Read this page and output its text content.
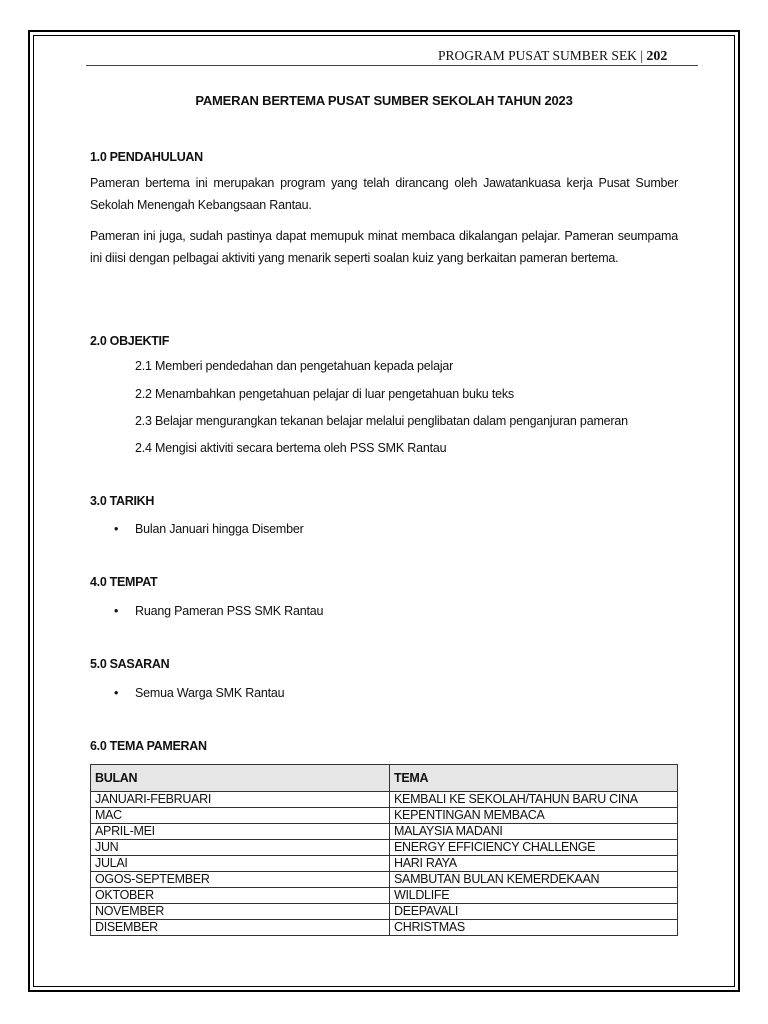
PROGRAM PUSAT SUMBER SEK | 202
PAMERAN BERTEMA PUSAT SUMBER SEKOLAH TAHUN 2023
1.0 PENDAHULUAN
Pameran bertema ini merupakan program yang telah dirancang oleh Jawatankuasa kerja Pusat Sumber Sekolah Menengah Kebangsaan Rantau.
Pameran ini juga, sudah pastinya dapat memupuk minat membaca dikalangan pelajar. Pameran seumpama ini diisi dengan pelbagai aktiviti yang menarik seperti soalan kuiz yang berkaitan pameran bertema.
2.0 OBJEKTIF
2.1 Memberi pendedahan dan pengetahuan kepada pelajar
2.2 Menambahkan pengetahuan pelajar di luar pengetahuan buku teks
2.3 Belajar mengurangkan tekanan belajar melalui penglibatan dalam penganjuran pameran
2.4 Mengisi aktiviti secara bertema oleh PSS SMK Rantau
3.0 TARIKH
• Bulan Januari hingga Disember
4.0 TEMPAT
• Ruang Pameran PSS SMK Rantau
5.0 SASARAN
• Semua Warga SMK Rantau
6.0 TEMA PAMERAN
BULAN	TEMA
JANUARI-FEBRUARI	KEMBALI KE SEKOLAH/TAHUN BARU CINA
MAC	KEPENTINGAN MEMBACA
APRIL-MEI	MALAYSIA MADANI
JUN	ENERGY EFFICIENCY CHALLENGE
JULAI	HARI RAYA
OGOS-SEPTEMBER	SAMBUTAN BULAN KEMERDEKAAN
OKTOBER	WILDLIFE
NOVEMBER	DEEPAVALI
DISEMBER	CHRISTMAS
